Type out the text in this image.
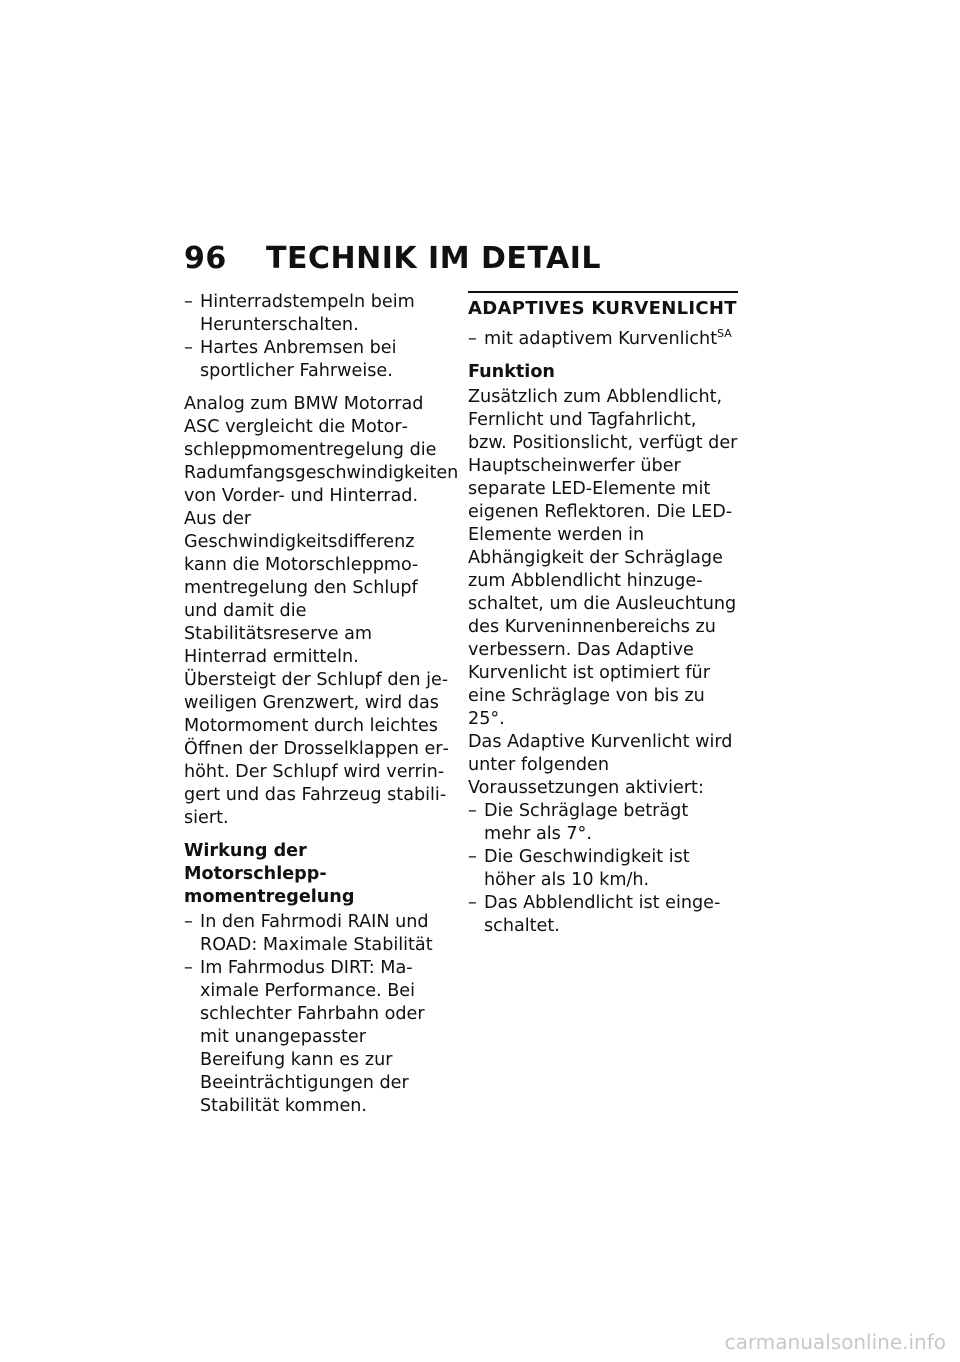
96	TECHNIK IM DETAIL
– Hinterradstempeln beim Herunterschalten.
– Hartes Anbremsen bei sportlicher Fahrweise.

Analog zum BMW Motorrad ASC vergleicht die Motorschleppmomentregelung die Radumfangsgeschwindigkeiten von Vorder- und Hinterrad. Aus der Geschwindigkeitsdifferenz kann die Motorschleppmomentregelung den Schlupf und damit die Stabilitätsreserve am Hinterrad ermitteln.

Übersteigt der Schlupf den jeweiligen Grenzwert, wird das Motormoment durch leichtes Öffnen der Drosselklappen erhöht. Der Schlupf wird verringert und das Fahrzeug stabilisiert.

Wirkung der Motorschleppmomentregelung

– In den Fahrmodi RAIN und ROAD: Maximale Stabilität
– Im Fahrmodus DIRT: Maximale Performance. Bei schlechter Fahrbahn oder mit unangepasster Bereifung kann es zur Beeinträchtigungen der Stabilität kommen.
ADAPTIVES KURVENLICHT
– mit adaptivem Kurvenlicht$^{SA}$

Funktion

Zusätzlich zum Abblendlicht, Fernlicht und Tagfahrlicht, bzw. Positionslicht, verfügt der Hauptscheinwerfer über separate LED-Elemente mit eigenen Reflektoren. Die LED-Elemente werden in Abhängigkeit der Schräglage zum Abblendlicht hinzugeschaltet, um die Ausleuchtung des Kurveninnenbereichs zu verbessern. Das Adaptive Kurvenlicht ist optimiert für eine Schräglage von bis zu 25°.

Das Adaptive Kurvenlicht wird unter folgenden Voraussetzungen aktiviert:

– Die Schräglage beträgt mehr als 7°.
– Die Geschwindigkeit ist höher als 10 km/h.
– Das Abblendlicht ist eingeschaltet.
carmanualsonline.info
